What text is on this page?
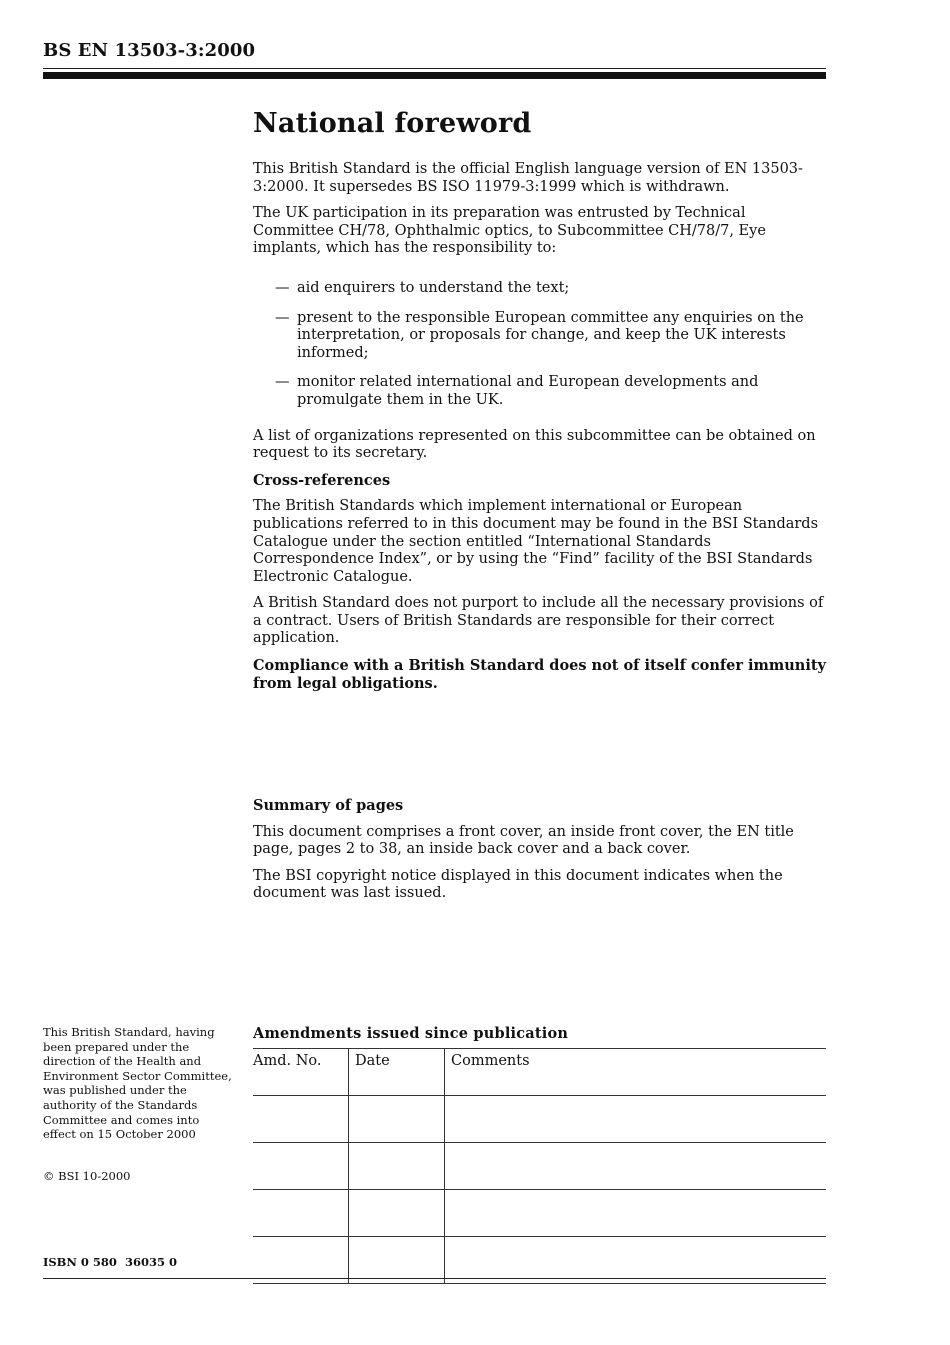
BS EN 13503-3:2000
National foreword

This British Standard is the official English language version of EN 13503-3:2000. It supersedes BS ISO 11979-3:1999 which is withdrawn.

The UK participation in its preparation was entrusted by Technical Committee CH/78, Ophthalmic optics, to Subcommittee CH/78/7, Eye implants, which has the responsibility to:

— aid enquirers to understand the text;
— present to the responsible European committee any enquiries on the interpretation, or proposals for change, and keep the UK interests informed;
— monitor related international and European developments and promulgate them in the UK.

A list of organizations represented on this subcommittee can be obtained on request to its secretary.

Cross-references

The British Standards which implement international or European publications referred to in this document may be found in the BSI Standards Catalogue under the section entitled “International Standards Correspondence Index”, or by using the “Find” facility of the BSI Standards Electronic Catalogue.

A British Standard does not purport to include all the necessary provisions of a contract. Users of British Standards are responsible for their correct application.

Compliance with a British Standard does not of itself confer immunity from legal obligations.

Summary of pages

This document comprises a front cover, an inside front cover, the EN title page, pages 2 to 38, an inside back cover and a back cover.

The BSI copyright notice displayed in this document indicates when the document was last issued.

This British Standard, having been prepared under the direction of the Health and Environment Sector Committee, was published under the authority of the Standards Committee and comes into effect on 15 October 2000
© BSI 10-2000
ISBN 0 580  36035 0
Amendments issued since publication
Amd. No.	Date	Comments
